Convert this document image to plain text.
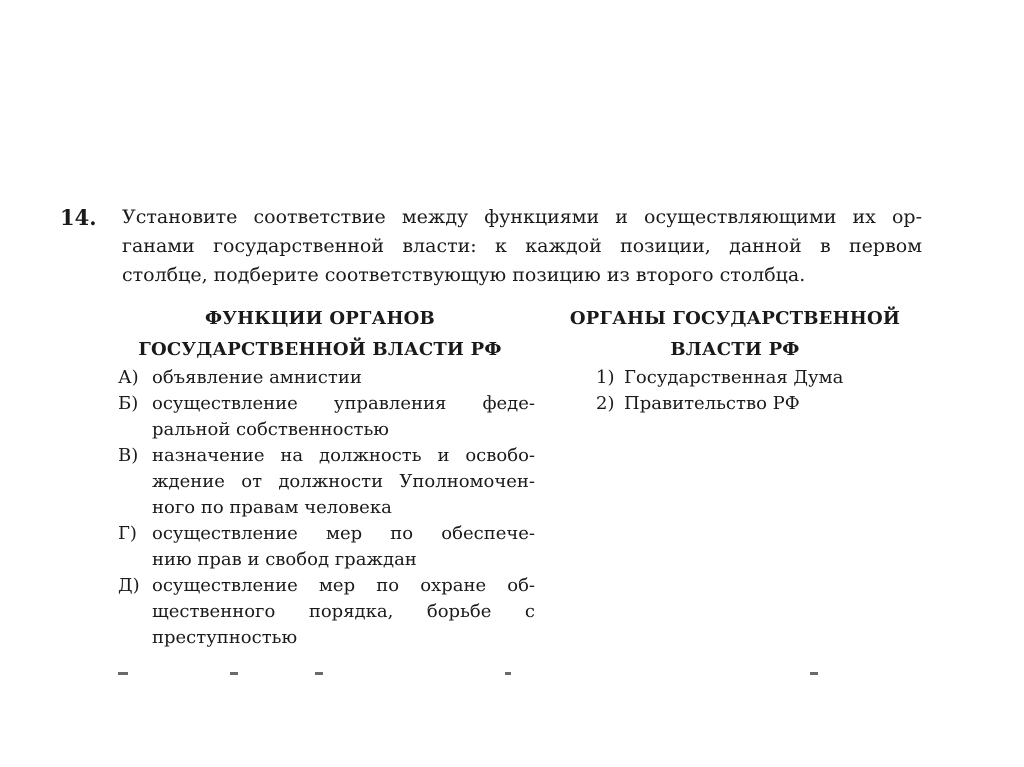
14. Установите соответствие между функциями и осуществляющими их ор-
ганами государственной власти: к каждой позиции, данной в первом
столбце, подберите соответствующую позицию из второго столбца.
ФУНКЦИИ ОРГАНОВ
ГОСУДАРСТВЕННОЙ ВЛАСТИ РФ
А) объявление амнистии
Б) осуществление управления феде-
ральной собственностью
В) назначение на должность и освобо-
ждение от должности Уполномочен-
ного по правам человека
Г) осуществление мер по обеспече-
нию прав и свобод граждан
Д) осуществление мер по охране об-
щественного порядка, борьбе с
преступностью
ОРГАНЫ ГОСУДАРСТВЕННОЙ
ВЛАСТИ РФ
1) Государственная Дума
2) Правительство РФ
